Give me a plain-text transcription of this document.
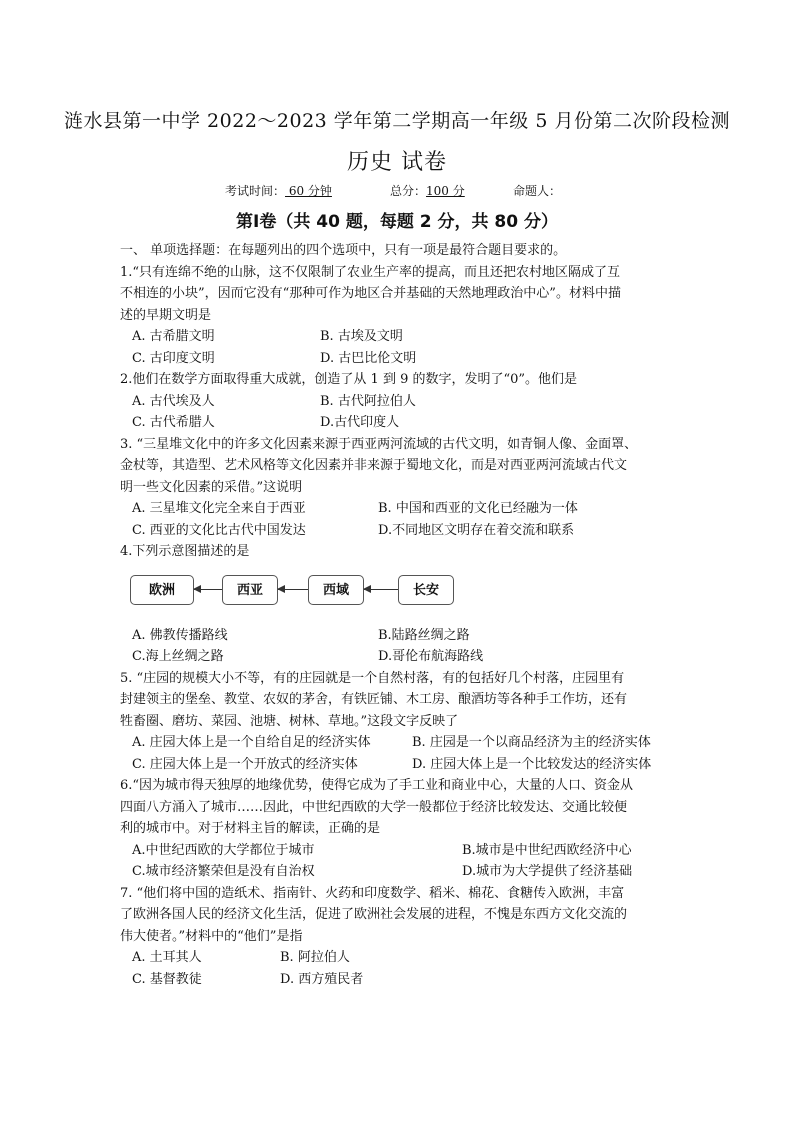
涟水县第一中学 2022～2023 学年第二学期高一年级 5 月份第二次阶段检测
历史 试卷
考试时间： 60 分钟	总分：100 分	命题人：
第Ⅰ卷（共 40 题，每题 2 分，共 80 分）
一、 单项选择题：在每题列出的四个选项中，只有一项是最符合题目要求的。
1.“只有连绵不绝的山脉，这不仅限制了农业生产率的提高，而且还把农村地区隔成了互
不相连的小块”，因而它没有“那种可作为地区合并基础的天然地理政治中心”。材料中描
述的早期文明是
A. 古希腊文明	B. 古埃及文明
C. 古印度文明	D. 古巴比伦文明
2.他们在数学方面取得重大成就，创造了从 1 到 9 的数字，发明了“0”。他们是
A. 古代埃及人	B. 古代阿拉伯人
C. 古代希腊人	D.古代印度人
3. “三星堆文化中的许多文化因素来源于西亚两河流域的古代文明，如青铜人像、金面罩、
金杖等，其造型、艺术风格等文化因素并非来源于蜀地文化，而是对西亚两河流域古代文
明一些文化因素的采借。”这说明
A. 三星堆文化完全来自于西亚	B. 中国和西亚的文化已经融为一体
C. 西亚的文化比古代中国发达	D.不同地区文明存在着交流和联系
4.下列示意图描述的是
欧洲	西亚	西域	长安
A. 佛教传播路线	B.陆路丝绸之路
C.海上丝绸之路	D.哥伦布航海路线
5. “庄园的规模大小不等，有的庄园就是一个自然村落，有的包括好几个村落，庄园里有
封建领主的堡垒、教堂、农奴的茅舍，有铁匠铺、木工房、酿酒坊等各种手工作坊，还有
牲畜圈、磨坊、菜园、池塘、树林、草地。”这段文字反映了
A. 庄园大体上是一个自给自足的经济实体	B. 庄园是一个以商品经济为主的经济实体
C. 庄园大体上是一个开放式的经济实体	D. 庄园大体上是一个比较发达的经济实体
6.“因为城市得天独厚的地缘优势，使得它成为了手工业和商业中心，大量的人口、资金从
四面八方涌入了城市……因此，中世纪西欧的大学一般都位于经济比较发达、交通比较便
利的城市中。对于材料主旨的解读，正确的是
A.中世纪西欧的大学都位于城市	B.城市是中世纪西欧经济中心
C.城市经济繁荣但是没有自治权	D.城市为大学提供了经济基础
7. “他们将中国的造纸术、指南针、火药和印度数学、稻米、棉花、食糖传入欧洲，丰富
了欧洲各国人民的经济文化生活，促进了欧洲社会发展的进程，不愧是东西方文化交流的
伟大使者。”材料中的“他们”是指
A. 土耳其人	B. 阿拉伯人
C. 基督教徒	D. 西方殖民者
